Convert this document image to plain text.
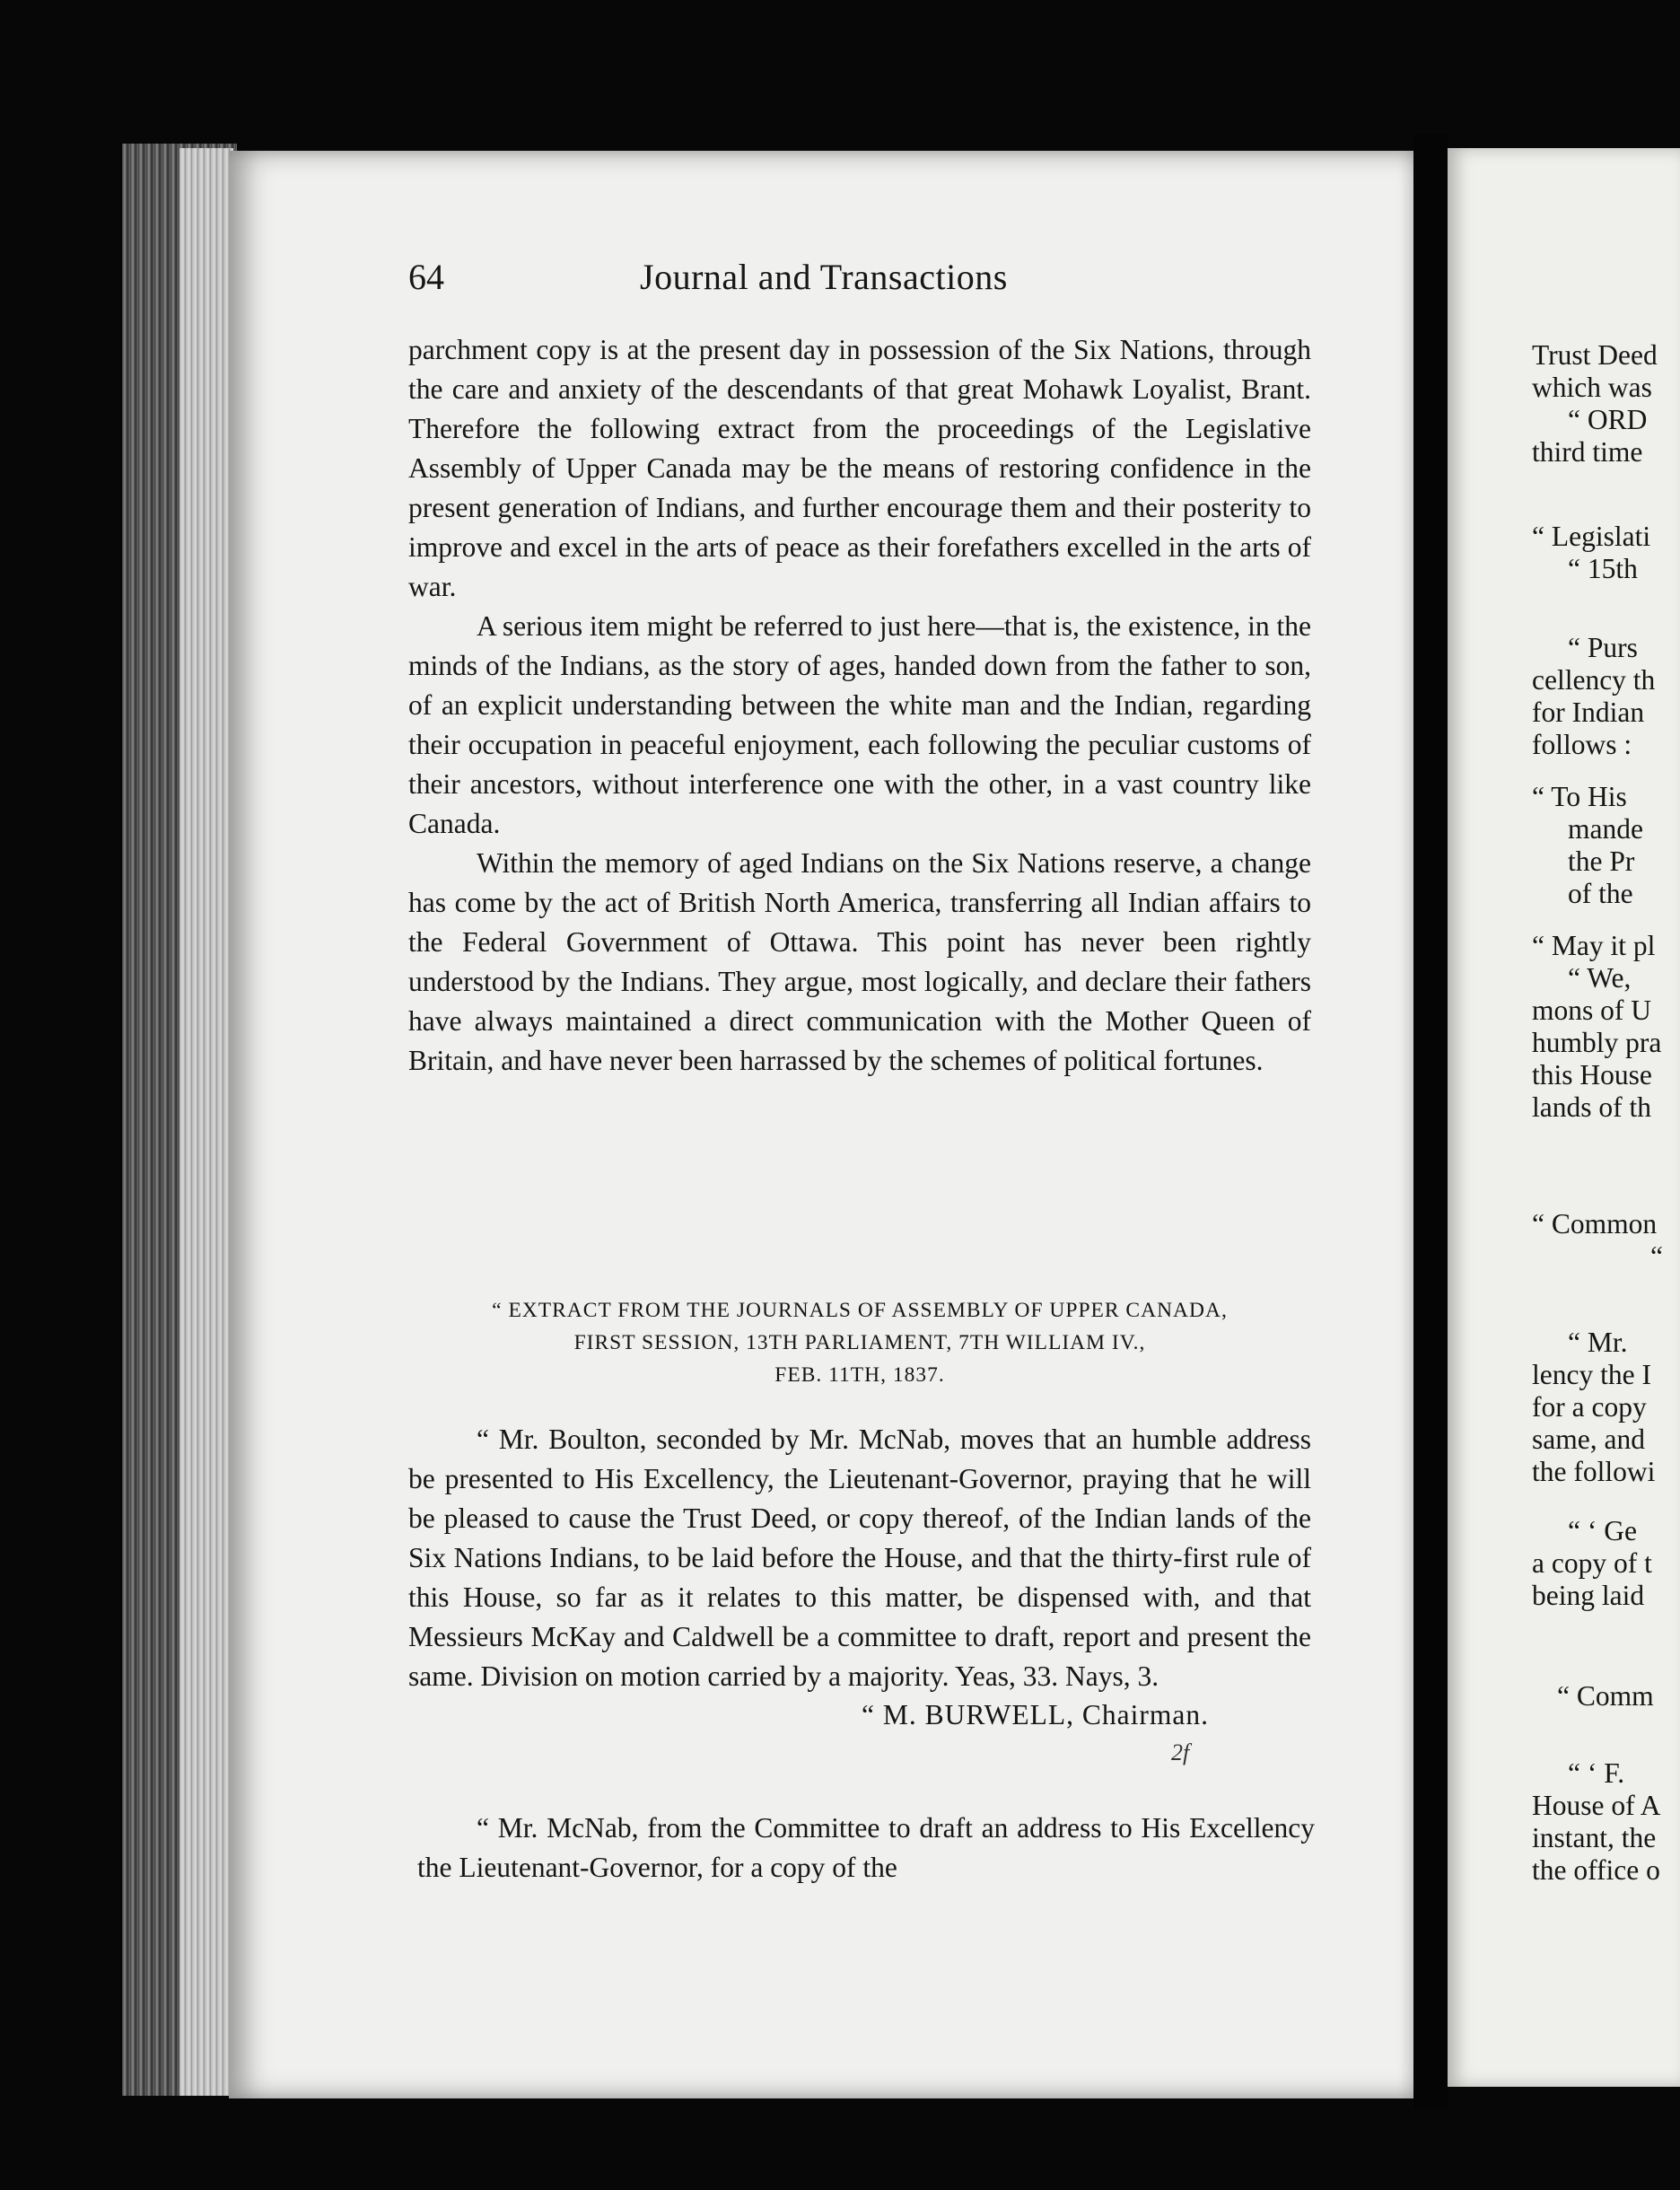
64	Journal and Transactions

parchment copy is at the present day in possession of the Six Nations, through the care and anxiety of the descendants of that great Mohawk Loyalist, Brant. Therefore the following extract from the proceedings of the Legislative Assembly of Upper Canada may be the means of restoring confidence in the present generation of Indians, and further encourage them and their posterity to improve and excel in the arts of peace as their forefathers excelled in the arts of war.

A serious item might be referred to just here—that is, the existence, in the minds of the Indians, as the story of ages, handed down from the father to son, of an explicit understanding between the white man and the Indian, regarding their occupation in peaceful enjoyment, each following the peculiar customs of their ancestors, without interference one with the other, in a vast country like Canada.

Within the memory of aged Indians on the Six Nations reserve, a change has come by the act of British North America, transferring all Indian affairs to the Federal Government of Ottawa. This point has never been rightly understood by the Indians. They argue, most logically, and declare their fathers have always maintained a direct communication with the Mother Queen of Britain, and have never been harrassed by the schemes of political fortunes.

“ EXTRACT FROM THE JOURNALS OF ASSEMBLY OF UPPER CANADA,
FIRST SESSION, 13TH PARLIAMENT, 7TH WILLIAM IV.,
FEB. 11TH, 1837.

“ Mr. Boulton, seconded by Mr. McNab, moves that an humble address be presented to His Excellency, the Lieutenant-Governor, praying that he will be pleased to cause the Trust Deed, or copy thereof, of the Indian lands of the Six Nations Indians, to be laid before the House, and that the thirty-first rule of this House, so far as it relates to this matter, be dispensed with, and that Messieurs McKay and Caldwell be a committee to draft, report and present the same. Division on motion carried by a majority. Yeas, 33. Nays, 3.

“ M. BURWELL, Chairman.
2f

“ Mr. McNab, from the Committee to draft an address to His Excellency the Lieutenant-Governor, for a copy of the

Trust Deed
which was
“ ORD
third time
“ Legislati
“ 15th
“ Purs
cellency th
for Indian
follows :
“ To His
mande
the Pr
of the
“ May it pl
“ We,
mons of U
humbly pra
this House
lands of th
“ Common
“
“ Mr.
lency the I
for a copy
same, and
the followi
“ ‘ Ge
a copy of t
being laid
“ Comm
“ ‘ F.
House of A
instant, the
the office o
